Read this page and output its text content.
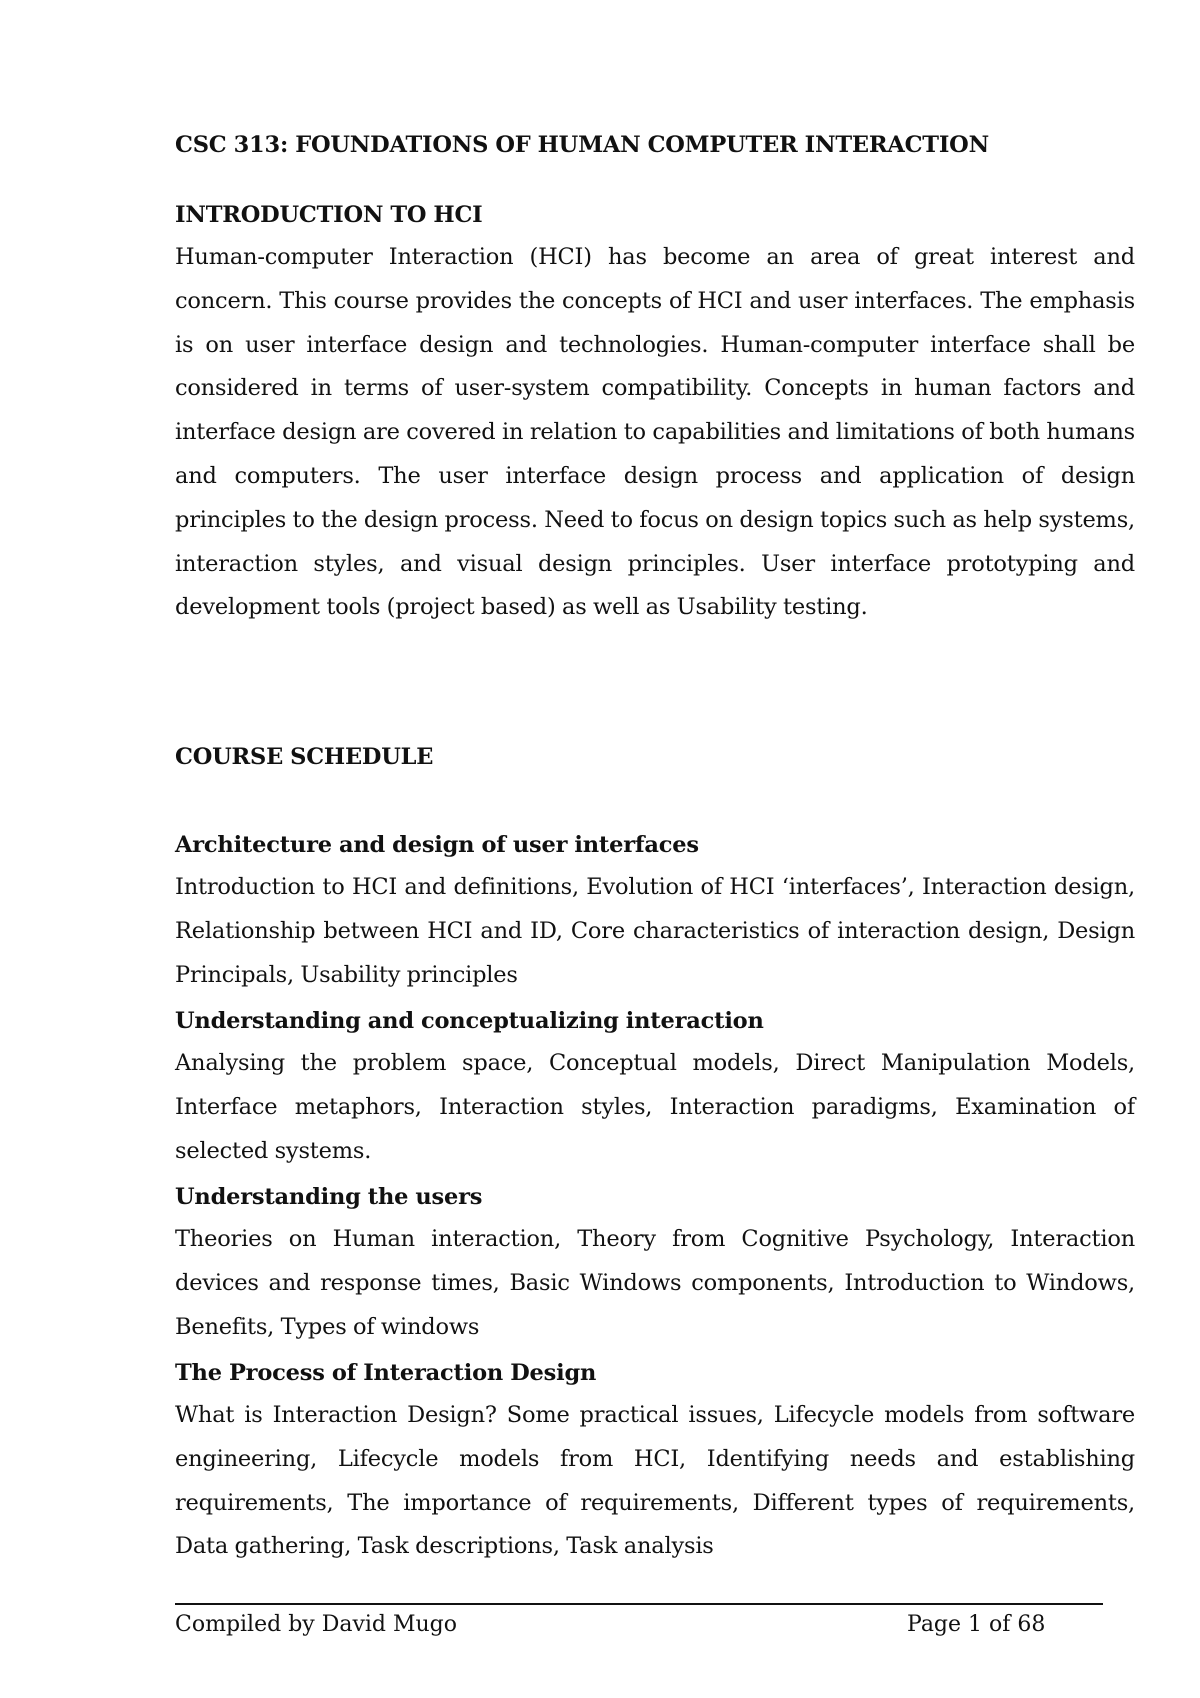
CSC 313: FOUNDATIONS OF HUMAN COMPUTER INTERACTION
INTRODUCTION TO HCI
Human-computer Interaction (HCI) has become an area of great interest and concern. This course provides the concepts of HCI and user interfaces. The emphasis is on user interface design and technologies. Human-computer interface shall be considered in terms of user-system compatibility. Concepts in human factors and interface design are covered in relation to capabilities and limitations of both humans and computers. The user interface design process and application of design principles to the design process. Need to focus on design topics such as help systems, interaction styles, and visual design principles. User interface prototyping and development tools (project based) as well as Usability testing.
COURSE SCHEDULE
Architecture and design of user interfaces
Introduction to HCI and definitions, Evolution of HCI ‘interfaces’, Interaction design, Relationship between HCI and ID, Core characteristics of interaction design, Design Principals, Usability principles
Understanding and conceptualizing interaction
Analysing the problem space, Conceptual models, Direct Manipulation Models, Interface metaphors, Interaction styles, Interaction paradigms, Examination of selected systems.
Understanding the users
Theories on Human interaction, Theory from Cognitive Psychology, Interaction devices and response times, Basic Windows components, Introduction to Windows, Benefits, Types of windows
The Process of Interaction Design
What is Interaction Design? Some practical issues, Lifecycle models from software engineering, Lifecycle models from HCI, Identifying needs and establishing requirements, The importance of requirements, Different types of requirements, Data gathering, Task descriptions, Task analysis
Compiled by David Mugo	Page 1 of 68
